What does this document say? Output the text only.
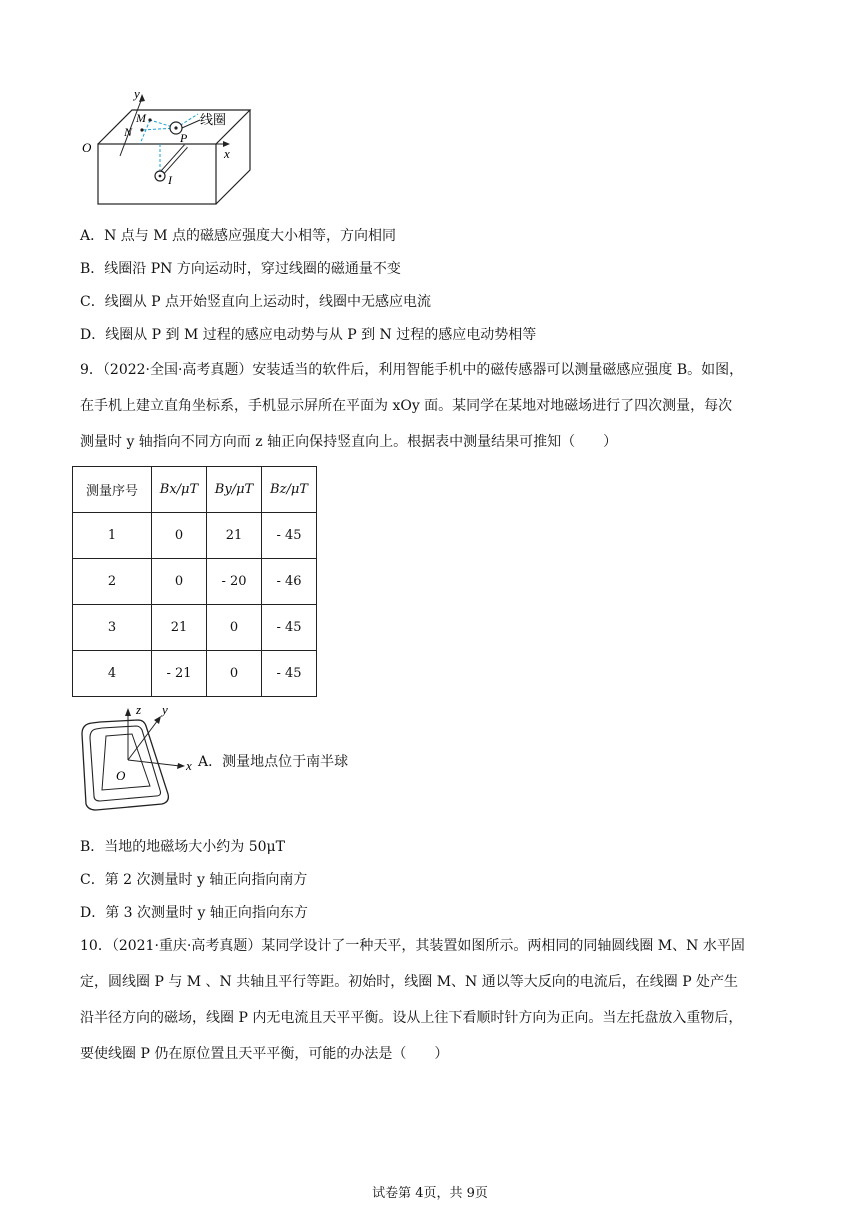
y
x
O
M
N	P
线圈
I
A．N 点与 M 点的磁感应强度大小相等，方向相同
B．线圈沿 PN 方向运动时，穿过线圈的磁通量不变
C．线圈从 P 点开始竖直向上运动时，线圈中无感应电流
D．线圈从 P 到 M 过程的感应电动势与从 P 到 N 过程的感应电动势相等
9．（2022·全国·高考真题）安装适当的软件后，利用智能手机中的磁传感器可以测量磁感应强度 B。如图，
在手机上建立直角坐标系，手机显示屏所在平面为 xOy 面。某同学在某地对地磁场进行了四次测量，每次
测量时 y 轴指向不同方向而 z 轴正向保持竖直向上。根据表中测量结果可推知（　　）
测量序号	Bx/μT	By/μT	Bz/μT
1	0	21	- 45
2	0	- 20	- 46
3	21	0	- 45
4	- 21	0	- 45
z y
x
O
A．测量地点位于南半球
B．当地的地磁场大小约为 50μT
C．第 2 次测量时 y 轴正向指向南方
D．第 3 次测量时 y 轴正向指向东方
10．（2021·重庆·高考真题）某同学设计了一种天平，其装置如图所示。两相同的同轴圆线圈 M、N 水平固
定，圆线圈 P 与 M 、N 共轴且平行等距。初始时，线圈 M、N 通以等大反向的电流后，在线圈 P 处产生
沿半径方向的磁场，线圈 P 内无电流且天平平衡。设从上往下看顺时针方向为正向。当左托盘放入重物后，
要使线圈 P 仍在原位置且天平平衡，可能的办法是（　　）
试卷第 4页，共 9页
